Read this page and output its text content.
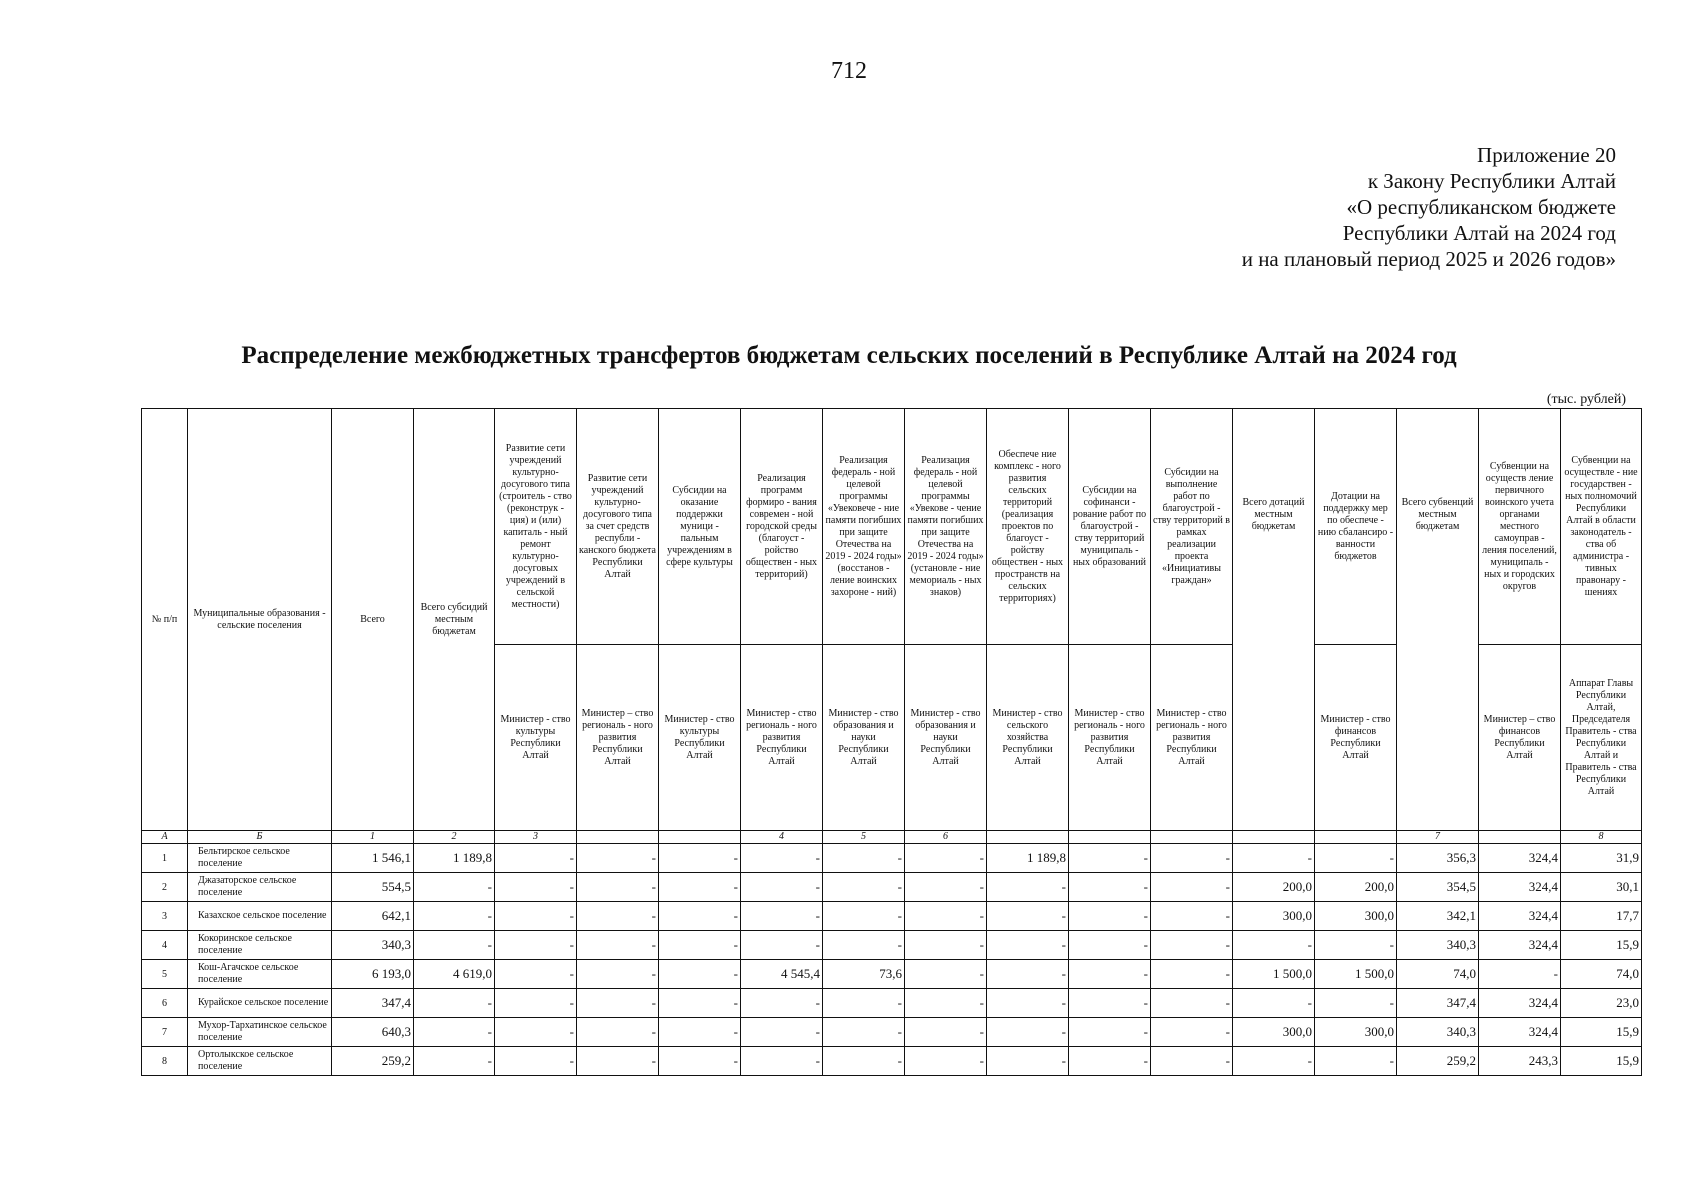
712
Приложение 20
к Закону Республики Алтай
«О республиканском бюджете
Республики Алтай на 2024 год
и на плановый период 2025 и 2026 годов»
Распределение межбюджетных трансфертов бюджетам сельских поселений в Республике Алтай на 2024 год
(тыс. рублей)
№ п/п	Муниципальные образования - сельские поселения	Всего	Всего субсидий местным бюджетам	Развитие сети учреждений культурно-досугового типа (строитель - ство (реконструк - ция) и (или) капиталь - ный ремонт культурно-досуговых учреждений в сельской местности)	Развитие сети учреждений культурно-досугового типа за счет средств республи - канского бюджета Республики Алтай	Субсидии на оказание поддержки муници - пальным учреждениям в сфере культуры	Реализация программ формиро - вания современ - ной городской среды (благоуст - ройство обществен - ных территорий)	Реализация федераль - ной целевой программы «Увековече - ние памяти погибших при защите Отечества на 2019 - 2024 годы» (восстанов - ление воинских захороне - ний)	Реализация федераль - ной целевой программы «Увекове - чение памяти погибших при защите Отечества на 2019 - 2024 годы» (установле - ние мемориаль - ных знаков)	Обеспече ние комплекс - ного развития сельских территорий (реализация проектов по благоуст - ройству обществен - ных пространств на сельских территориях)	Субсидии на софинанси - рование работ по благоустрой - ству территорий муниципаль - ных образований	Субсидии на выполнение работ по благоустрой - ству территорий в рамках реализации проекта «Инициативы граждан»	Всего дотаций местным бюджетам	Дотации на поддержку мер по обеспече - нию сбалансиро - ванности бюджетов	Всего субвенций местным бюджетам	Субвенции на осуществ ление первичного воинского учета органами местного самоуправ - ления поселений, муниципаль - ных и городских округов	Субвенции на осуществле - ние государствен - ных полномочий Республики Алтай в области законодатель - ства об администра - тивных правонару - шениях
				Министер - ство культуры Республики Алтай	Министер – ство региональ - ного развития Республики Алтай	Министер - ство культуры Республики Алтай	Министер - ство региональ - ного развития Республики Алтай	Министер - ство образования и науки Республики Алтай	Министер - ство образования и науки Республики Алтай	Министер - ство сельского хозяйства Республики Алтай	Министер - ство региональ - ного развития Республики Алтай	Министер - ство региональ - ного развития Республики Алтай		Министер - ство финансов Республики Алтай		Министер – ство финансов Республики Алтай	Аппарат Главы Республики Алтай, Председателя Правитель - ства Республики Алтай и Правитель - ства Республики Алтай
А	Б	1	2	3			4	5	6						7		8
1	Бельтирское сельское поселение	1 546,1	1 189,8	-	-	-	-	-	-	1 189,8	-	-	-	-	356,3	324,4	31,9
2	Джазаторское сельское поселение	554,5	-	-	-	-	-	-	-	-	-	-	200,0	200,0	354,5	324,4	30,1
3	Казахское сельское поселение	642,1	-	-	-	-	-	-	-	-	-	-	300,0	300,0	342,1	324,4	17,7
4	Кокоринское сельское поселение	340,3	-	-	-	-	-	-	-	-	-	-	-	-	340,3	324,4	15,9
5	Кош-Агачское сельское поселение	6 193,0	4 619,0	-	-	-	4 545,4	73,6	-	-	-	-	1 500,0	1 500,0	74,0	-	74,0
6	Курайское сельское поселение	347,4	-	-	-	-	-	-	-	-	-	-	-	-	347,4	324,4	23,0
7	Мухор-Тархатинское сельское поселение	640,3	-	-	-	-	-	-	-	-	-	-	300,0	300,0	340,3	324,4	15,9
8	Ортолыкское сельское поселение	259,2	-	-	-	-	-	-	-	-	-	-	-	-	259,2	243,3	15,9
